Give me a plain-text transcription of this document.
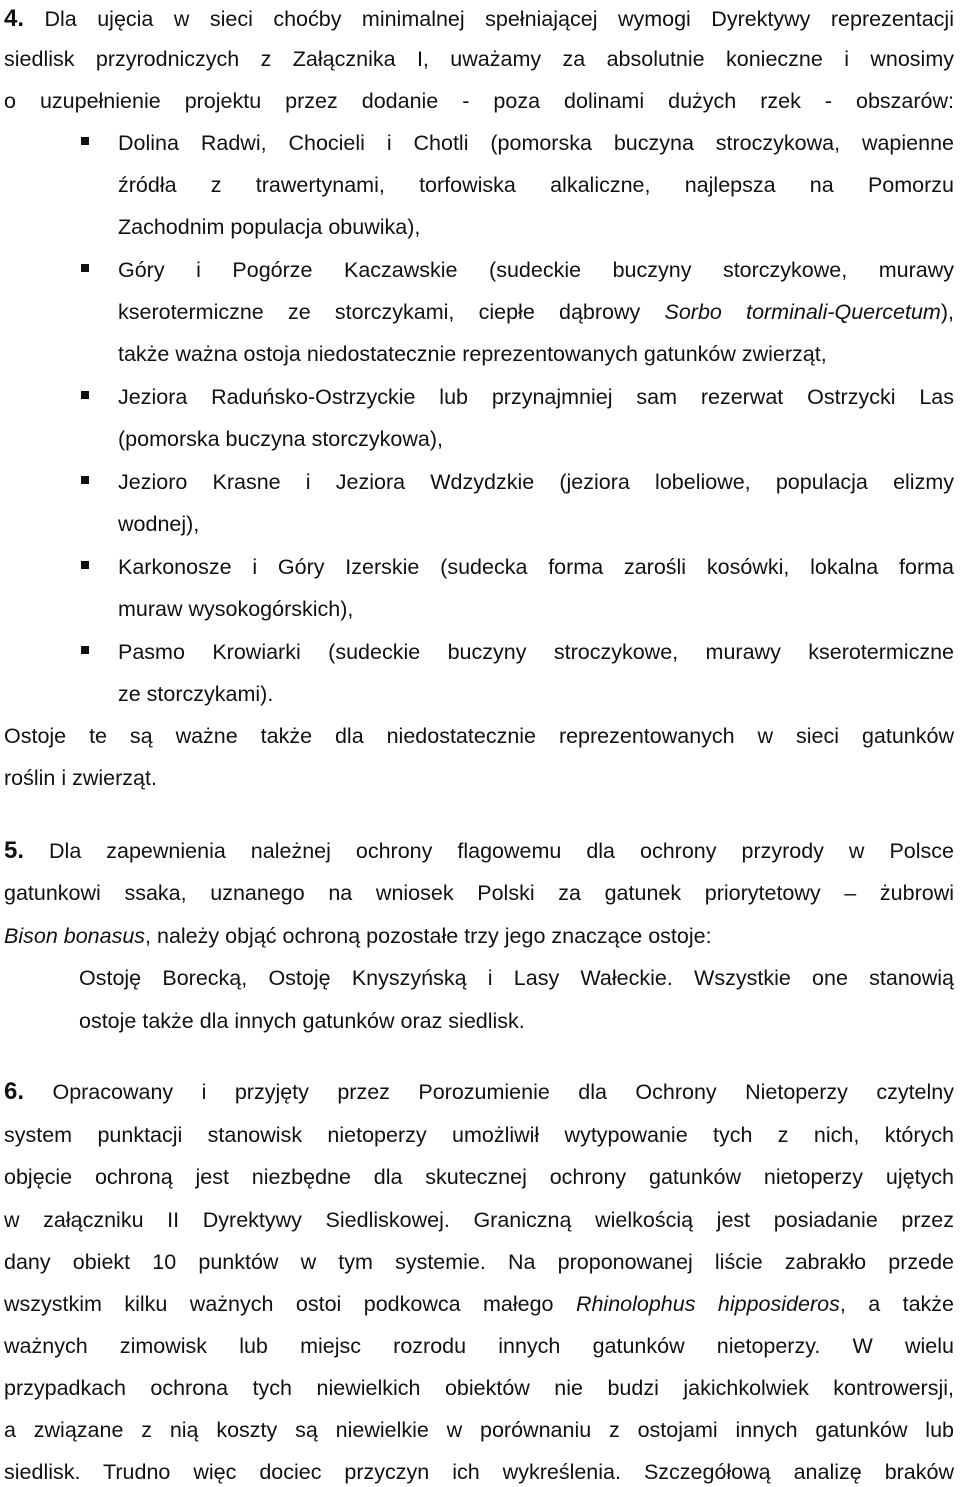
4. Dla ujęcia w sieci choćby minimalnej spełniającej wymogi Dyrektywy reprezentacji
siedlisk przyrodniczych z Załącznika I, uważamy za absolutnie konieczne i wnosimy
o uzupełnienie projektu przez dodanie - poza dolinami dużych rzek - obszarów:
Dolina Radwi, Chocieli i Chotli (pomorska buczyna stroczykowa, wapienne
źródła z trawertynami, torfowiska alkaliczne, najlepsza na Pomorzu
Zachodnim populacja obuwika),
Góry i Pogórze Kaczawskie (sudeckie buczyny storczykowe, murawy
kserotermiczne ze storczykami, ciepłe dąbrowy Sorbo torminali-Quercetum),
także ważna ostoja niedostatecznie reprezentowanych gatunków zwierząt,
Jeziora Raduńsko-Ostrzyckie lub przynajmniej sam rezerwat Ostrzycki Las
(pomorska buczyna storczykowa),
Jezioro Krasne i Jeziora Wdzydzkie (jeziora lobeliowe, populacja elizmy
wodnej),
Karkonosze i Góry Izerskie (sudecka forma zarośli kosówki, lokalna forma
muraw wysokogórskich),
Pasmo Krowiarki (sudeckie buczyny stroczykowe, murawy kserotermiczne
ze storczykami).
Ostoje te są ważne także dla niedostatecznie reprezentowanych w sieci gatunków
roślin i zwierząt.
5. Dla zapewnienia należnej ochrony flagowemu dla ochrony przyrody w Polsce
gatunkowi ssaka, uznanego na wniosek Polski za gatunek priorytetowy – żubrowi
Bison bonasus, należy objąć ochroną pozostałe trzy jego znaczące ostoje:
Ostoję Borecką, Ostoję Knyszyńską i Lasy Wałeckie. Wszystkie one stanowią
ostoje także dla innych gatunków oraz siedlisk.
6. Opracowany i przyjęty przez Porozumienie dla Ochrony Nietoperzy czytelny
system punktacji stanowisk nietoperzy umożliwił wytypowanie tych z nich, których
objęcie ochroną jest niezbędne dla skutecznej ochrony gatunków nietoperzy ujętych
w załączniku II Dyrektywy Siedliskowej. Graniczną wielkością jest posiadanie przez
dany obiekt 10 punktów w tym systemie. Na proponowanej liście zabrakło przede
wszystkim kilku ważnych ostoi podkowca małego Rhinolophus hipposideros, a także
ważnych zimowisk lub miejsc rozrodu innych gatunków nietoperzy. W wielu
przypadkach ochrona tych niewielkich obiektów nie budzi jakichkolwiek kontrowersji,
a związane z nią koszty są niewielkie w porównaniu z ostojami innych gatunków lub
siedlisk. Trudno więc dociec przyczyn ich wykreślenia. Szczegółową analizę braków
